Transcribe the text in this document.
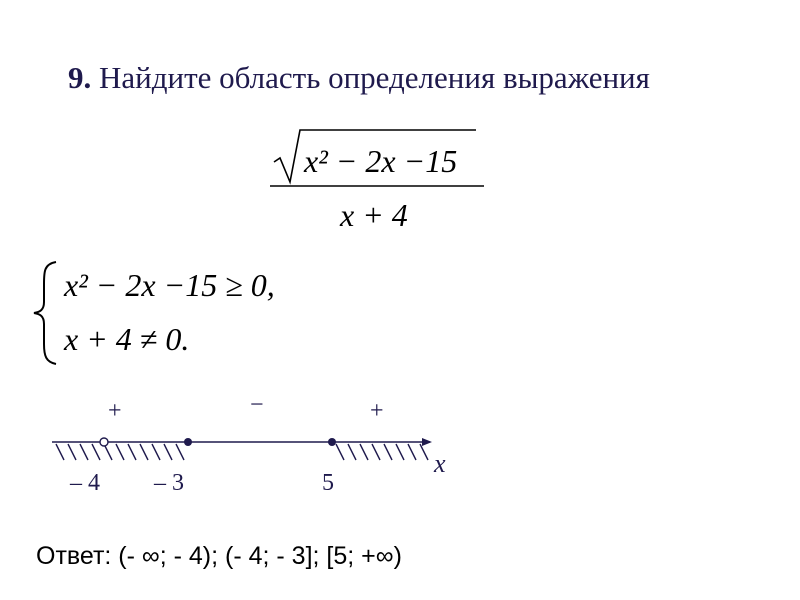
9. Найдите область определения выражения
x² − 2x −15
x + 4
x² − 2x −15 ≥ 0,
x + 4 ≠ 0.
+	−	+
x
– 4 – 3	5
Ответ: (- ∞; - 4); (- 4; - 3]; [5; +∞)
